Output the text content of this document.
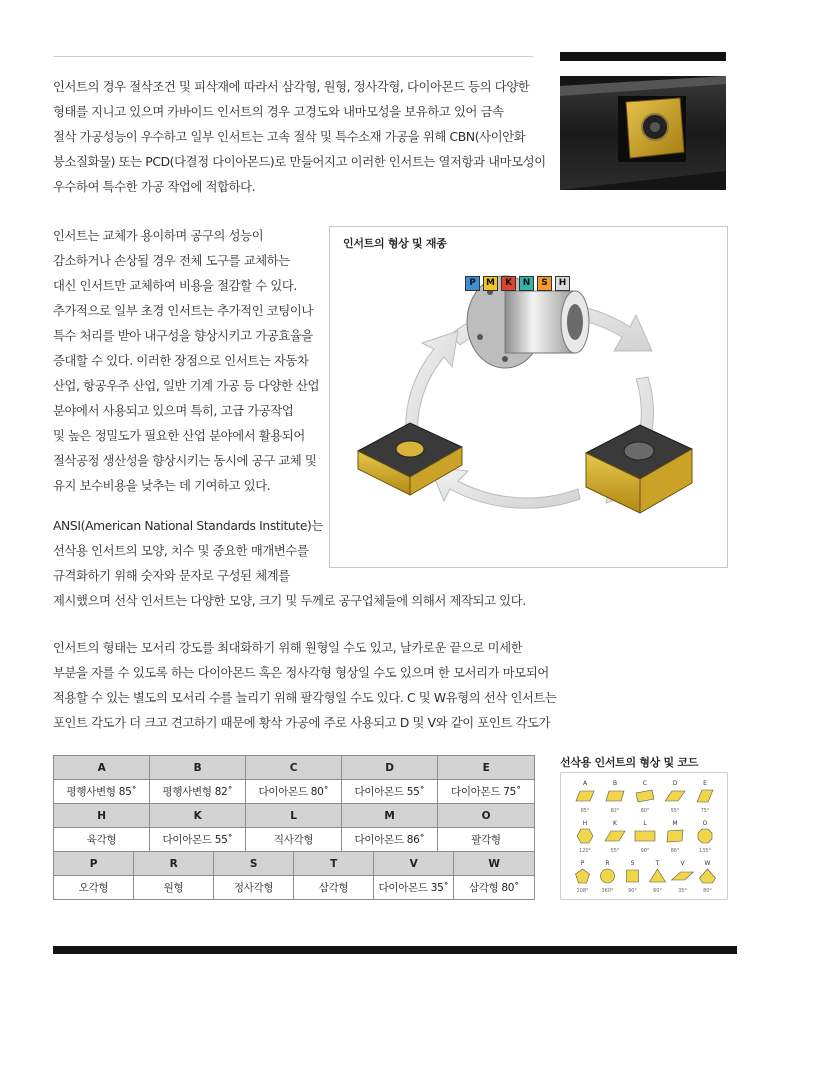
인서트의 경우 절삭조건 및 피삭재에 따라서 삼각형, 원형, 정사각형, 다이아몬드 등의 다양한
형태를 지니고 있으며 카바이드 인서트의 경우 고경도와 내마모성을 보유하고 있어 금속
절삭 가공성능이 우수하고 일부 인서트는 고속 절삭 및 특수소재 가공을 위해 CBN(사이안화
붕소질화물) 또는 PCD(다결정 다이아몬드)로 만들어지고 이러한 인서트는 열저항과 내마모성이
우수하여 특수한 가공 작업에 적합하다.
인서트는 교체가 용이하며 공구의 성능이
감소하거나 손상될 경우 전체 도구를 교체하는
대신 인서트만 교체하여 비용을 절감할 수 있다.
추가적으로 일부 초경 인서트는 추가적인 코팅이나
특수 처리를 받아 내구성을 향상시키고 가공효율을
증대할 수 있다. 이러한 장점으로 인서트는 자동차
산업, 항공우주 산업, 일반 기계 가공 등 다양한 산업
분야에서 사용되고 있으며 특히, 고급 가공작업
및 높은 정밀도가 필요한 산업 분야에서 활용되어
절삭공정 생산성을 향상시키는 동시에 공구 교체 및
유지 보수비용을 낮추는 데 기여하고 있다.
인서트의 형상 및 재종
P	M	K	N	S	H
ANSI(American National Standards Institute)는
선삭용 인서트의 모양, 치수 및 중요한 매개변수를
규격화하기 위해 숫자와 문자로 구성된 체계를
제시했으며 선삭 인서트는 다양한 모양, 크기 및 두께로 공구업체들에 의해서 제작되고 있다.
인서트의 형태는 모서리 강도를 최대화하기 위해 원형일 수도 있고, 날카로운 끝으로 미세한
부분을 자를 수 있도록 하는 다이아몬드 혹은 정사각형 형상일 수도 있으며 한 모서리가 마모되어
적용할 수 있는 별도의 모서리 수를 늘리기 위해 팔각형일 수도 있다. C 및 W유형의 선삭 인서트는
포인트 각도가 더 크고 견고하기 때문에 황삭 가공에 주로 사용되고 D 및 V와 같이 포인트 각도가
A	B	C	D	E
평행사변형 85˚	평행사변형 82˚	다이아몬드 80˚	다이아몬드 55˚	다이아몬드 75˚
H	K	L	M	O
육각형	다이아몬드 55˚	직사각형	다이아몬드 86˚	팔각형
P	R	S	T	V	W
오각형	원형	정사각형	삼각형	다이아몬드 35˚	삼각형 80˚
선삭용 인서트의 형상 및 코드
A
85°
B
82°
C
80°
D
55°
E
75°
H
120°
K
55°
L
90°
M
86°
O
135°
P
108°
R
360°
S
90°
T
60°
V
35°
W
80°
